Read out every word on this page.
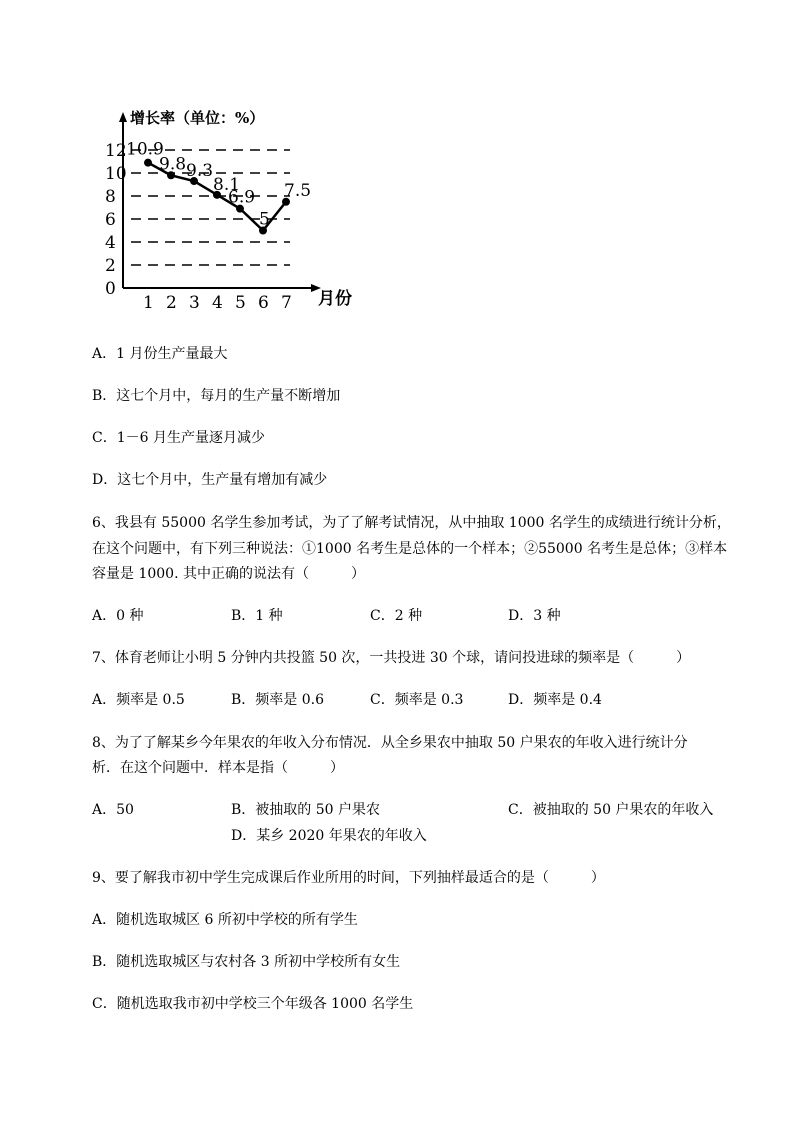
增长率（单位：%）
月份
0
2
4
6
8
10
12
1 2 3 4 5 6 7
10.9
9.8 9.3
8.1
6.9
5
7.5
A．1 月份生产量最大
B．这七个月中，每月的生产量不断增加
C．1－6 月生产量逐月减少
D．这七个月中，生产量有增加有减少
6、我县有 55000 名学生参加考试，为了了解考试情况，从中抽取 1000 名学生的成绩进行统计分析，
在这个问题中，有下列三种说法：①1000 名考生是总体的一个样本；②55000 名考生是总体；③样本
容量是 1000. 其中正确的说法有（　　　）
A．0 种	B．1 种	C．2 种	D．3 种
7、体育老师让小明 5 分钟内共投篮 50 次，一共投进 30 个球，请问投进球的频率是（　　　）
A．频率是 0.5	B．频率是 0.6	C．频率是 0.3	D．频率是 0.4
8、为了了解某乡今年果农的年收入分布情况．从全乡果农中抽取 50 户果农的年收入进行统计分
析．在这个问题中．样本是指（　　　）
A．50	B．被抽取的 50 户果农	C．被抽取的 50 户果农的年收入
D．某乡 2020 年果农的年收入
9、要了解我市初中学生完成课后作业所用的时间，下列抽样最适合的是（　　　）
A．随机选取城区 6 所初中学校的所有学生
B．随机选取城区与农村各 3 所初中学校所有女生
C．随机选取我市初中学校三个年级各 1000 名学生
